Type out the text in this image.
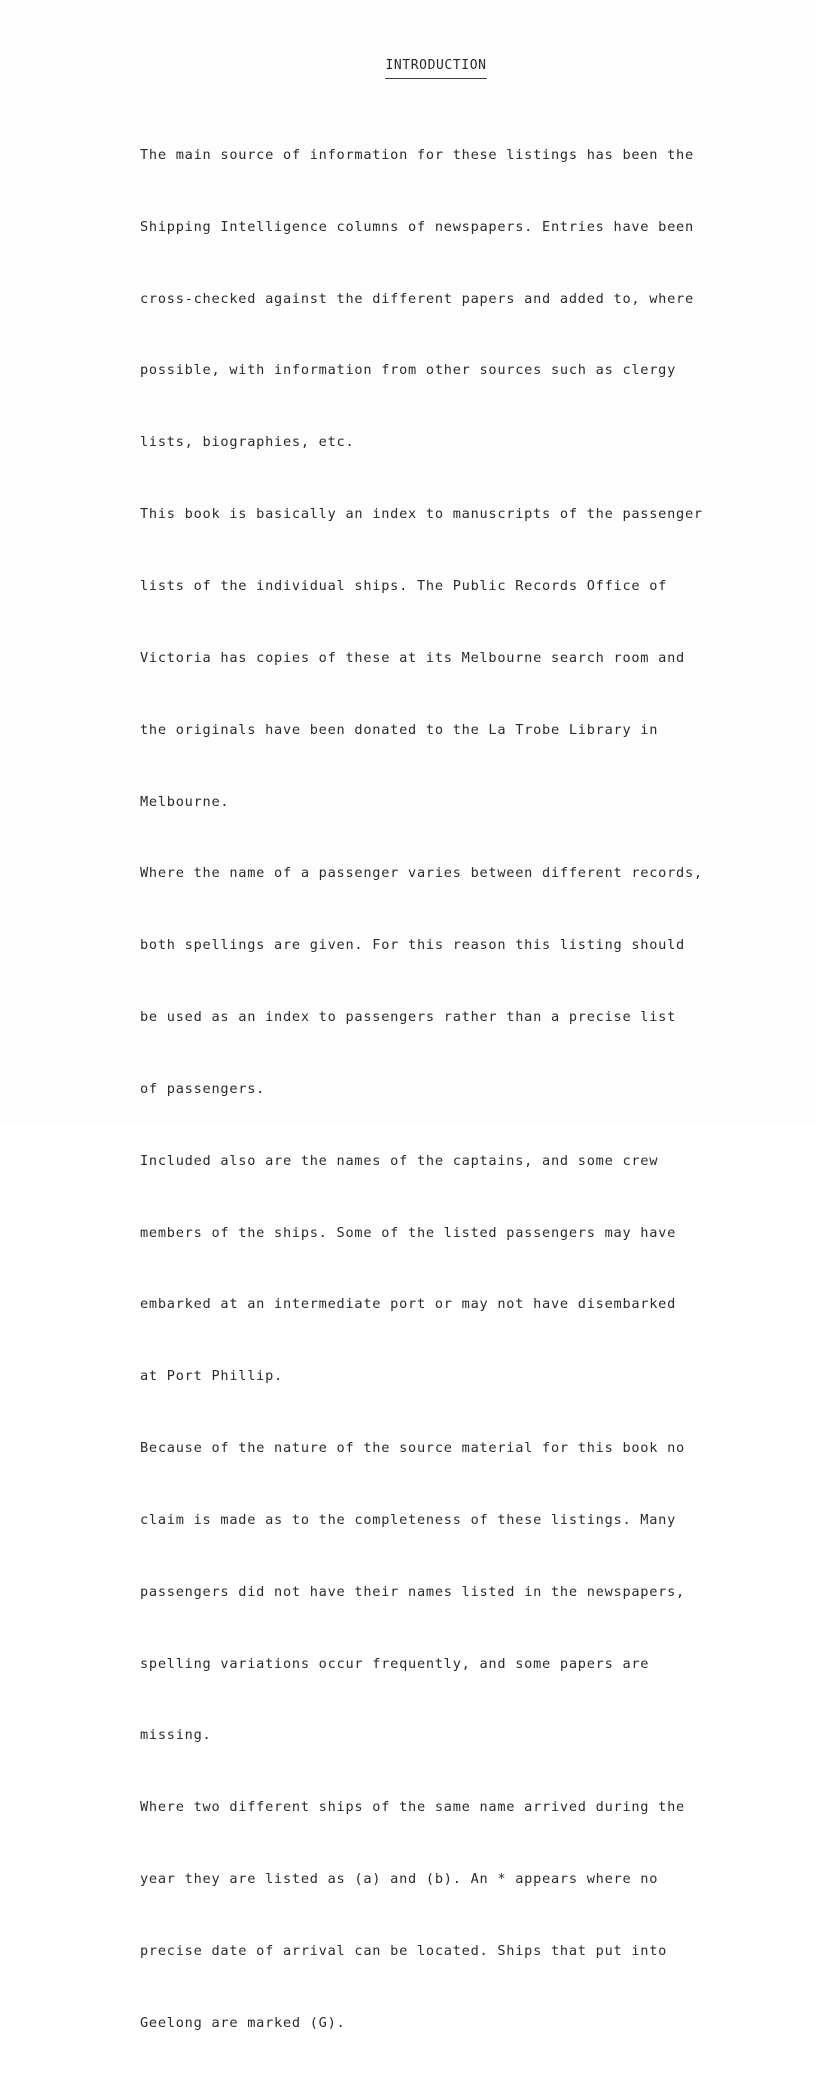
INTRODUCTION

The main source of information for these listings has been the

Shipping Intelligence columns of newspapers. Entries have been

cross-checked against the different papers and added to, where

possible, with information from other sources such as clergy

lists, biographies, etc.

This book is basically an index to manuscripts of the passenger

lists of the individual ships. The Public Records Office of

Victoria has copies of these at its Melbourne search room and

the originals have been donated to the La Trobe Library in

Melbourne.

Where the name of a passenger varies between different records,

both spellings are given. For this reason this listing should

be used as an index to passengers rather than a precise list

of passengers.

Included also are the names of the captains, and some crew

members of the ships. Some of the listed passengers may have

embarked at an intermediate port or may not have disembarked

at Port Phillip.

Because of the nature of the source material for this book no

claim is made as to the completeness of these listings. Many

passengers did not have their names listed in the newspapers,

spelling variations occur frequently, and some papers are

missing.

Where two different ships of the same name arrived during the

year they are listed as (a) and (b). An * appears where no

precise date of arrival can be located. Ships that put into

Geelong are marked (G).
